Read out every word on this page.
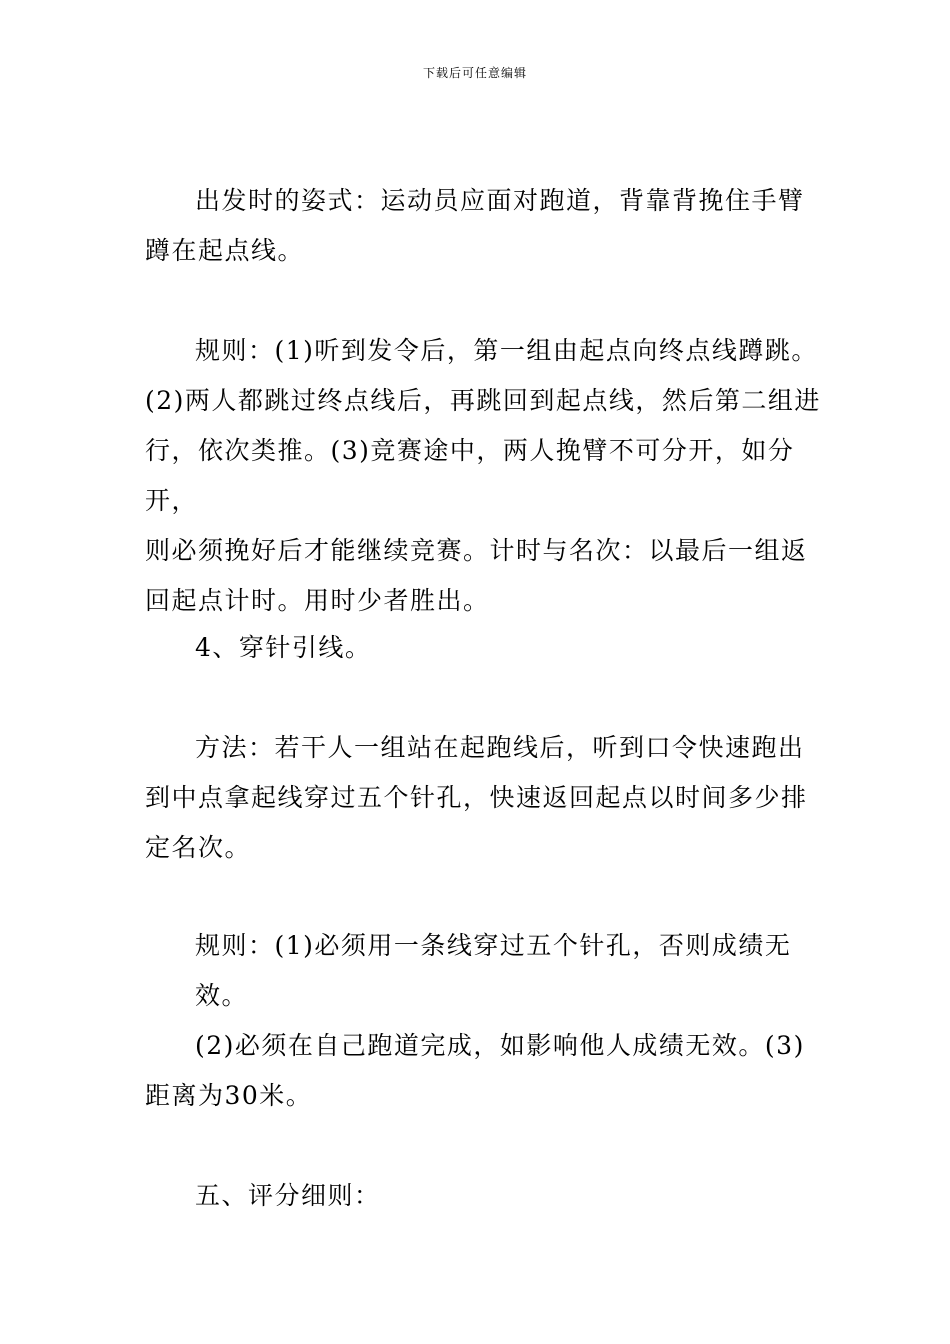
下载后可任意编辑
出发时的姿式：运动员应面对跑道，背靠背挽住手臂
蹲在起点线。
规则：(1)听到发令后，第一组由起点向终点线蹲跳。
(2)两人都跳过终点线后，再跳回到起点线，然后第二组进
行，依次类推。(3)竞赛途中，两人挽臂不可分开，如分开，
则必须挽好后才能继续竞赛。计时与名次：以最后一组返
回起点计时。用时少者胜出。
4、穿针引线。
方法：若干人一组站在起跑线后，听到口令快速跑出
到中点拿起线穿过五个针孔，快速返回起点以时间多少排
定名次。
规则：(1)必须用一条线穿过五个针孔，否则成绩无效。
(2)必须在自己跑道完成，如影响他人成绩无效。(3)
距离为30米。
五、评分细则：
